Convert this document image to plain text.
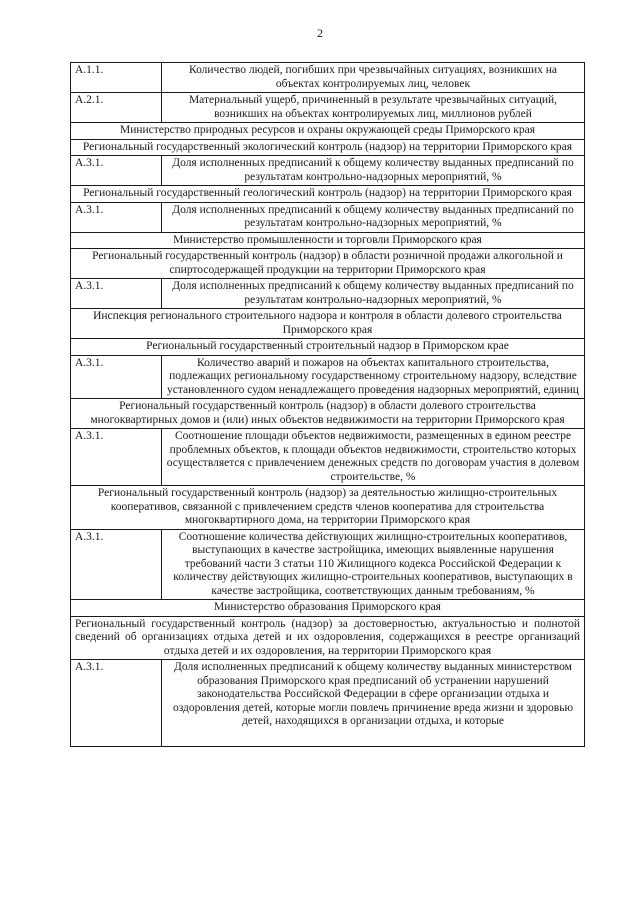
2
А.1.1.	Количество людей, погибших при чрезвычайных ситуациях, возникших на объектах контролируемых лиц, человек
А.2.1.	Материальный ущерб, причиненный в результате чрезвычайных ситуаций, возникших на объектах контролируемых лиц, миллионов рублей
Министерство природных ресурсов и охраны окружающей среды Приморского края	
Региональный государственный экологический контроль (надзор) на территории Приморского края	
А.3.1.	Доля исполненных предписаний к общему количеству выданных предписаний по результатам контрольно-надзорных мероприятий, %
Региональный государственный геологический контроль (надзор) на территории Приморского края	
А.3.1.	Доля исполненных предписаний к общему количеству выданных предписаний по результатам контрольно-надзорных мероприятий, %
Министерство промышленности и торговли Приморского края	
Региональный государственный контроль (надзор) в области розничной продажи алкогольной и спиртосодержащей продукции на территории Приморского края	
А.3.1.	Доля исполненных предписаний к общему количеству выданных предписаний по результатам контрольно-надзорных мероприятий, %
Инспекция регионального строительного надзора и контроля в области долевого строительства Приморского края	
Региональный государственный строительный надзор в Приморском крае	
А.3.1.	Количество аварий и пожаров на объектах капитального строительства, подлежащих региональному государственному строительному надзору, вследствие установленного судом ненадлежащего проведения надзорных мероприятий, единиц
Региональный государственный контроль (надзор) в области долевого строительства многоквартирных домов и (или) иных объектов недвижимости на территории Приморского края	
А.3.1.	Соотношение площади объектов недвижимости, размещенных в едином реестре проблемных объектов, к площади объектов недвижимости, строительство которых осуществляется с привлечением денежных средств по договорам участия в долевом строительстве, %
Региональный государственный контроль (надзор) за деятельностью жилищно-строительных кооперативов, связанной с привлечением средств членов кооператива для строительства многоквартирного дома, на территории Приморского края	
А.3.1.	Соотношение количества действующих жилищно-строительных кооперативов, выступающих в качестве застройщика, имеющих выявленные нарушения требований части 3 статьи 110 Жилищного кодекса Российской Федерации к количеству действующих жилищно-строительных кооперативов, выступающих в качестве застройщика, соответствующих данным требованиям, %
Министерство образования Приморского края	
Региональный государственный контроль (надзор) за достоверностью, актуальностью и полнотой сведений об организациях отдыха детей и их оздоровления, содержащихся в реестре организаций отдыха детей и их оздоровления, на территории Приморского края	
А.3.1.	Доля исполненных предписаний к общему количеству выданных министерством образования Приморского края предписаний об устранении нарушений законодательства Российской Федерации в сфере организации отдыха и оздоровления детей, которые могли повлечь причинение вреда жизни и здоровью детей, находящихся в организации отдыха, и которые
